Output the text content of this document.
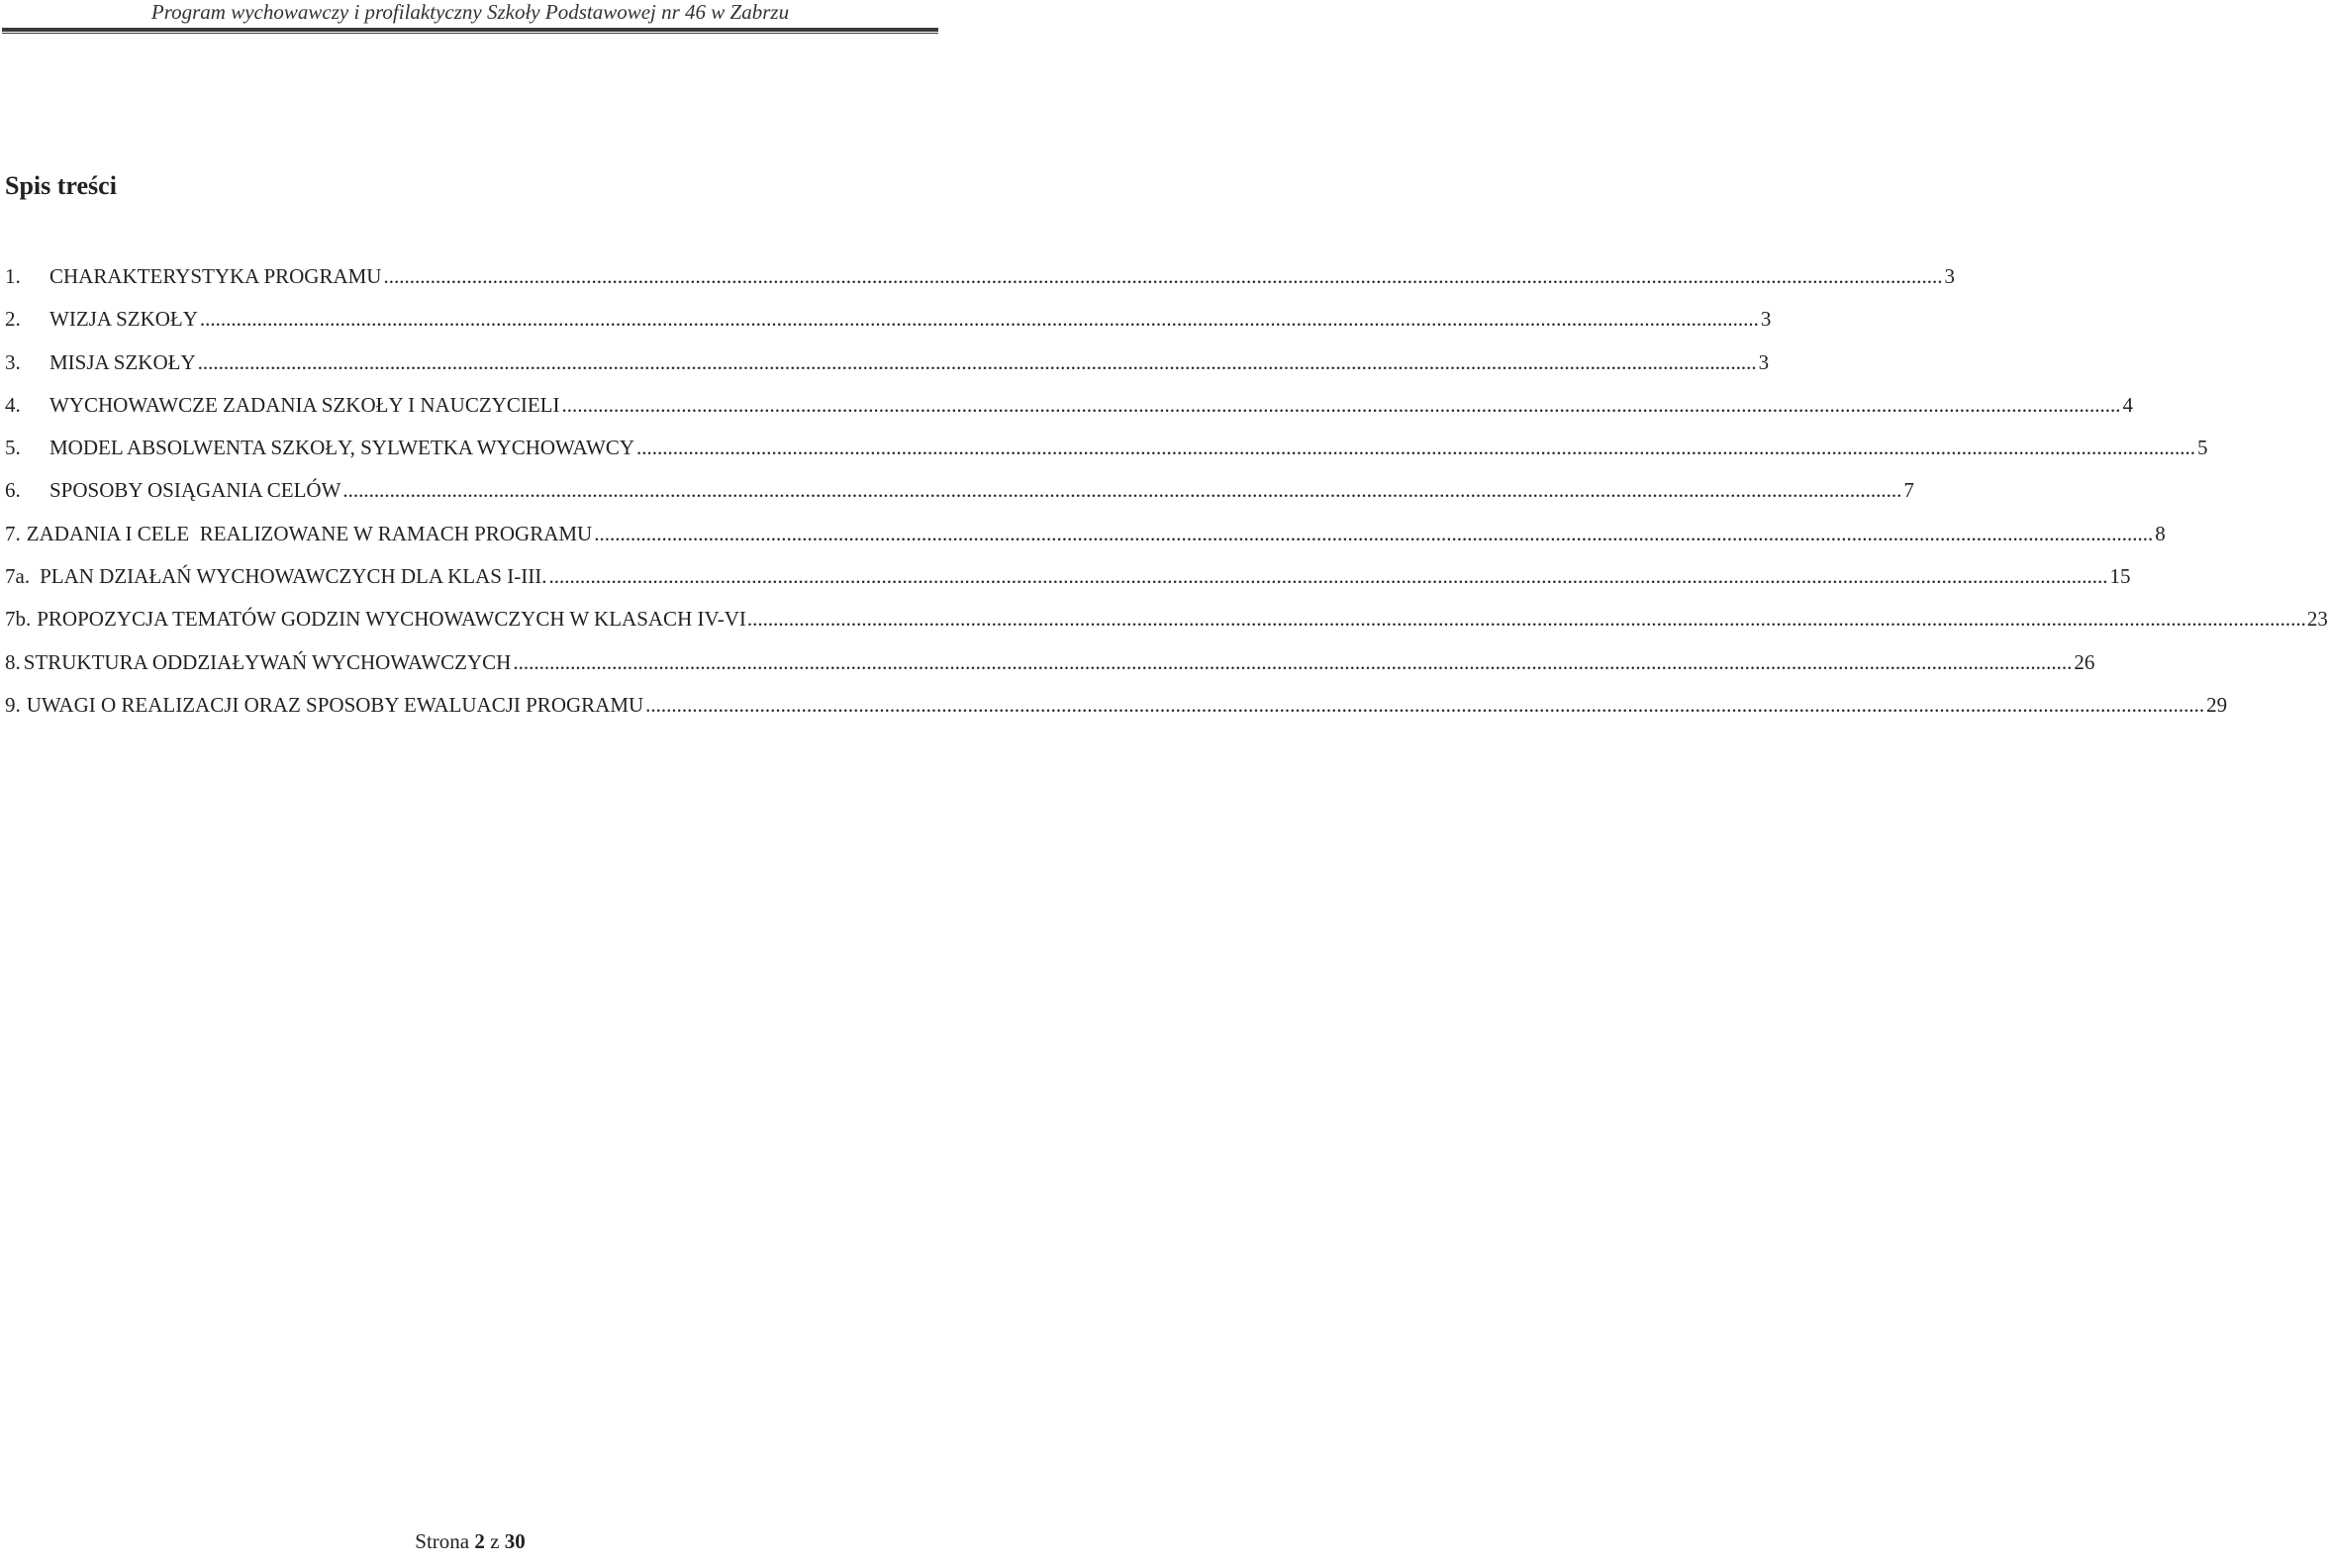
Program wychowawczy i profilaktyczny Szkoły Podstawowej nr 46 w Zabrzu
Spis treści
1.	CHARAKTERYSTYKA PROGRAMU ............................................................................................................................................................................................................................................................................................................ 3
2.	WIZJA SZKOŁY ............................................................................................................................................................................................................................................................................................................ 3
3.	MISJA SZKOŁY ............................................................................................................................................................................................................................................................................................................ 3
4.	WYCHOWAWCZE ZADANIA SZKOŁY I NAUCZYCIELI ............................................................................................................................................................................................................................................................................................................ 4
5.	MODEL ABSOLWENTA SZKOŁY, SYLWETKA WYCHOWAWCY ............................................................................................................................................................................................................................................................................................................ 5
6.	SPOSOBY OSIĄGANIA CELÓW ............................................................................................................................................................................................................................................................................................................ 7
7. ZADANIA I CELE  REALIZOWANE W RAMACH PROGRAMU ............................................................................................................................................................................................................................................................................................................ 8
7a. PLAN DZIAŁAŃ WYCHOWAWCZYCH DLA KLAS I-III. ............................................................................................................................................................................................................................................................................................................ 15
7b. PROPOZYCJA TEMATÓW GODZIN WYCHOWAWCZYCH W KLASACH IV-VI ............................................................................................................................................................................................................................................................................................................ 23
8. STRUKTURA ODDZIAŁYWAŃ WYCHOWAWCZYCH ............................................................................................................................................................................................................................................................................................................ 26
9. UWAGI O REALIZACJI ORAZ SPOSOBY EWALUACJI PROGRAMU ............................................................................................................................................................................................................................................................................................................ 29
Strona 2 z 30
